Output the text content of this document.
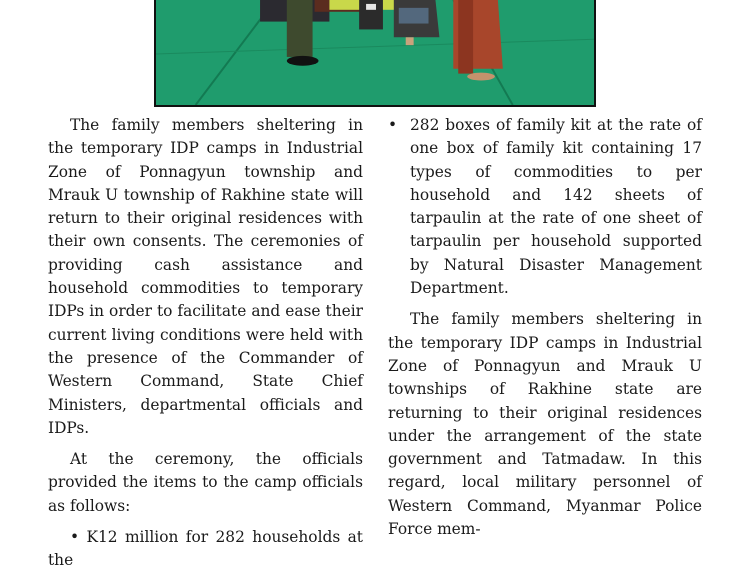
The family members sheltering in the temporary IDP camps in Industrial Zone of Ponnagyun township and Mrauk U township of Rakhine state will return to their original residences with their own consents. The ceremonies of providing cash assistance and household commodities to temporary IDPs in order to facilitate and ease their current living conditions were held with the presence of the Commander of Western Command, State Chief Ministers, departmental officials and IDPs.

At the ceremony, the officials provided the items to the camp officials as follows:

• K12 million for 282 households at the

• 282 boxes of family kit at the rate of one box of family kit containing 17 types of commodities to per household and 142 sheets of tarpaulin at the rate of one sheet of tarpaulin per household supported by Natural Disaster Management Department.

The family members sheltering in the temporary IDP camps in Industrial Zone of Ponnagyun and Mrauk U townships of Rakhine state are returning to their original residences under the arrangement of the state government and Tatmadaw. In this regard, local military personnel of Western Command, Myanmar Police Force mem-
